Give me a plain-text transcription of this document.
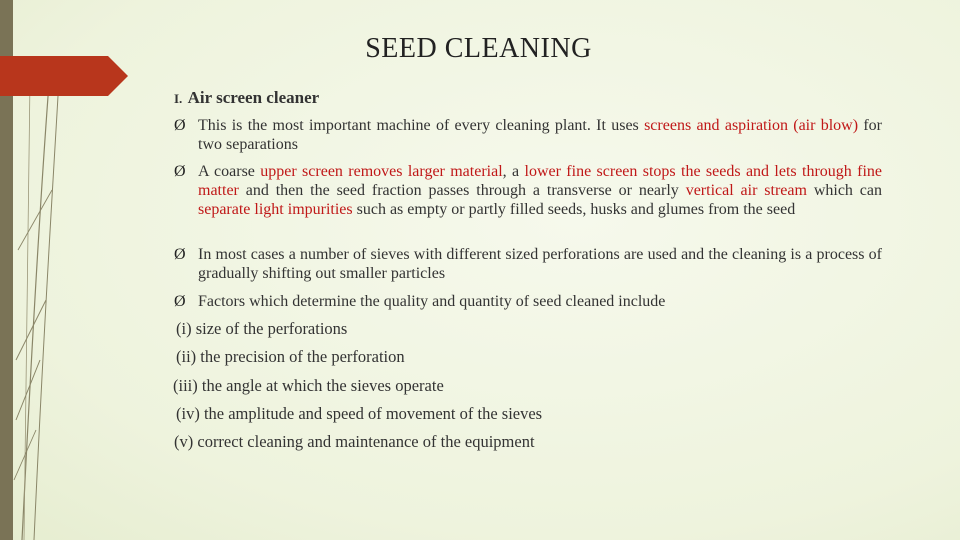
SEED CLEANING
I. Air screen cleaner
Ø This is the most important machine of every cleaning plant. It uses screens and aspiration (air blow) for two separations
Ø A coarse upper screen removes larger material, a lower fine screen stops the seeds and lets through fine matter and then the seed fraction passes through a transverse or nearly vertical air stream which can separate light impurities such as empty or partly filled seeds, husks and glumes from the seed
Ø In most cases a number of sieves with different sized perforations are used and the cleaning is a process of gradually shifting out smaller particles
Ø Factors which determine the quality and quantity of seed cleaned include
(i) size of the perforations
(ii) the precision of the perforation
(iii) the angle at which the sieves operate
(iv) the amplitude and speed of movement of the sieves
(v) correct cleaning and maintenance of the equipment
